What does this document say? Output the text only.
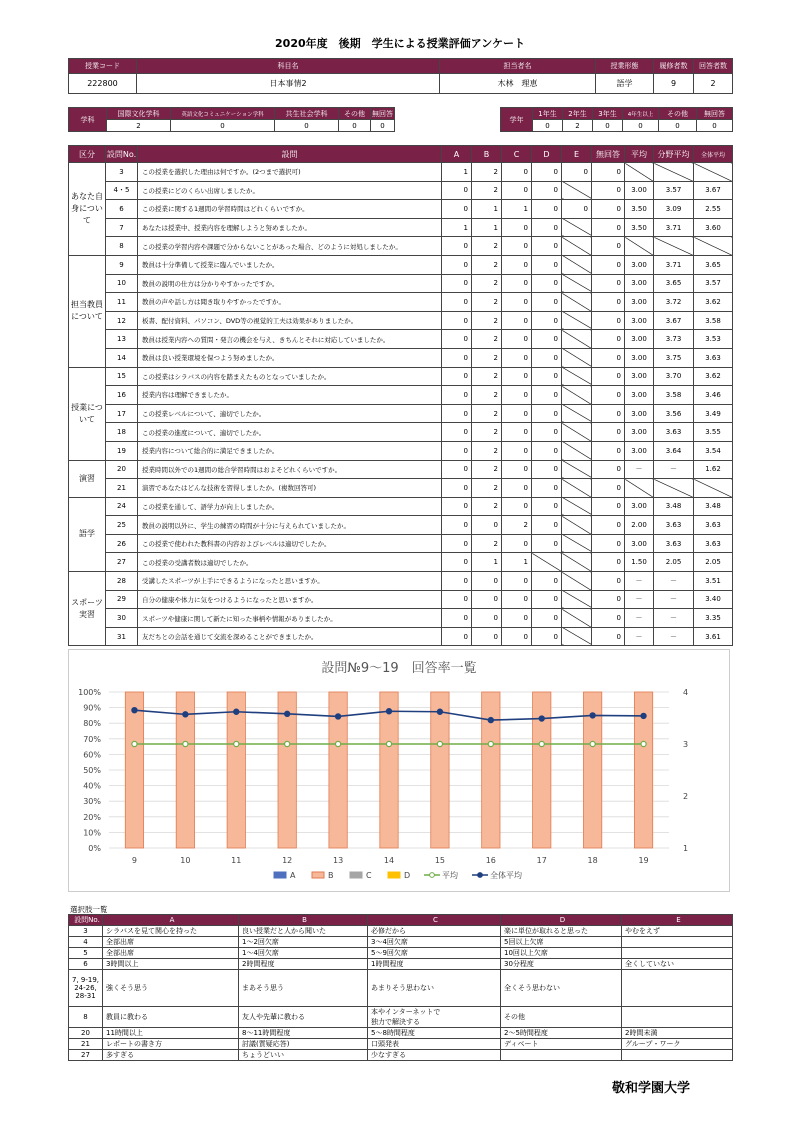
2020年度　後期　学生による授業評価アンケート
授業コード	科目名	担当者名	授業形態	履修者数	回答者数
222800	日本事情2	木林　理恵	語学	9	2
学科	国際文化学科	英語文化コミュニケーション学科	共生社会学科	その他	無回答
	2	0	0	0	0
学年	1年生	2年生	3年生	4年生以上	その他	無回答
	0	2	0	0	0	0
区分	設問No.	設問	A	B	C	D	E	無回答	平均	分野平均	全体平均
あなた自身について	3	この授業を選択した理由は何ですか。(2つまで選択可)	1	2	0	0	0	0			
	4・5	この授業にどのくらい出席しましたか。	0	2	0	0		0	3.00	3.57	3.67
	6	この授業に関する1週間の学習時間はどれくらいですか。	0	1	1	0	0	0	3.50	3.09	2.55
	7	あなたは授業中、授業内容を理解しようと努めましたか。	1	1	0	0		0	3.50	3.71	3.60
	8	この授業の学習内容や課題で分からないことがあった場合、どのように対処しましたか。	0	2	0	0		0			
担当教員について	9	教員は十分準備して授業に臨んでいましたか。	0	2	0	0		0	3.00	3.71	3.65
	10	教員の説明の仕方は分かりやすかったですか。	0	2	0	0		0	3.00	3.65	3.57
	11	教員の声や話し方は聞き取りやすかったですか。	0	2	0	0		0	3.00	3.72	3.62
	12	板書、配付資料、パソコン、DVD等の視覚的工夫は効果がありましたか。	0	2	0	0		0	3.00	3.67	3.58
	13	教員は授業内容への質問・発言の機会を与え、きちんとそれに対応していましたか。	0	2	0	0		0	3.00	3.73	3.53
	14	教員は良い授業環境を保つよう努めましたか。	0	2	0	0		0	3.00	3.75	3.63
授業について	15	この授業はシラバスの内容を踏まえたものとなっていましたか。	0	2	0	0		0	3.00	3.70	3.62
	16	授業内容は理解できましたか。	0	2	0	0		0	3.00	3.58	3.46
	17	この授業レベルについて、適切でしたか。	0	2	0	0		0	3.00	3.56	3.49
	18	この授業の進度について、適切でしたか。	0	2	0	0		0	3.00	3.63	3.55
	19	授業内容について総合的に満足できましたか。	0	2	0	0		0	3.00	3.64	3.54
演習	20	授業時間以外での1週間の総合学習時間はおよそどれくらいですか。	0	2	0	0		0	－	－	1.62
	21	演習であなたはどんな技術を習得しましたか。(複数回答可)	0	2	0	0		0			
語学	24	この授業を通して、語学力が向上しましたか。	0	2	0	0		0	3.00	3.48	3.48
	25	教員の説明以外に、学生の練習の時間が十分に与えられていましたか。	0	0	2	0		0	2.00	3.63	3.63
	26	この授業で使われた教科書の内容およびレベルは適切でしたか。	0	2	0	0		0	3.00	3.63	3.63
	27	この授業の受講者数は適切でしたか。	0	1	1			0	1.50	2.05	2.05
スポーツ実習	28	受講したスポーツが上手にできるようになったと思いますか。	0	0	0	0		0	－	－	3.51
	29	自分の健康や体力に気をつけるようになったと思いますか。	0	0	0	0		0	－	－	3.40
	30	スポーツや健康に関して新たに知った事柄や情報がありましたか。	0	0	0	0		0	－	－	3.35
	31	友だちとの会話を通じて交流を深めることができましたか。	0	0	0	0		0	－	－	3.61
設問№9～19　回答率一覧
0%
10%
20%
30%
40%
50%
60%
70%
80%
90%
100%
1
2
3
4
9	10	11	12	13	14	15	16	17	18	19
A	B	C	D	平均	全体平均
選択肢一覧
設問No.	A	B	C	D	E
3	シラバスを見て関心を持った	良い授業だと人から聞いた	必修だから	楽に単位が取れると思った	やむをえず
4	全部出席	1～2回欠席	3～4回欠席	5回以上欠席	
5	全部出席	1～4回欠席	5～9回欠席	10回以上欠席	
6	3時間以上	2時間程度	1時間程度	30分程度	全くしていない
7, 9-19,
24-26,
28-31	強くそう思う	まあそう思う	あまりそう思わない	全くそう思わない	
8	教員に教わる	友人や先輩に教わる	本やインターネットで
独力で解決する	その他	
20	11時間以上	8～11時間程度	5～8時間程度	2～5時間程度	2時間未満
21	レポートの書き方	討議(質疑応答)	口頭発表	ディベート	グループ・ワーク
27	多すぎる	ちょうどいい	少なすぎる		
敬和学園大学
